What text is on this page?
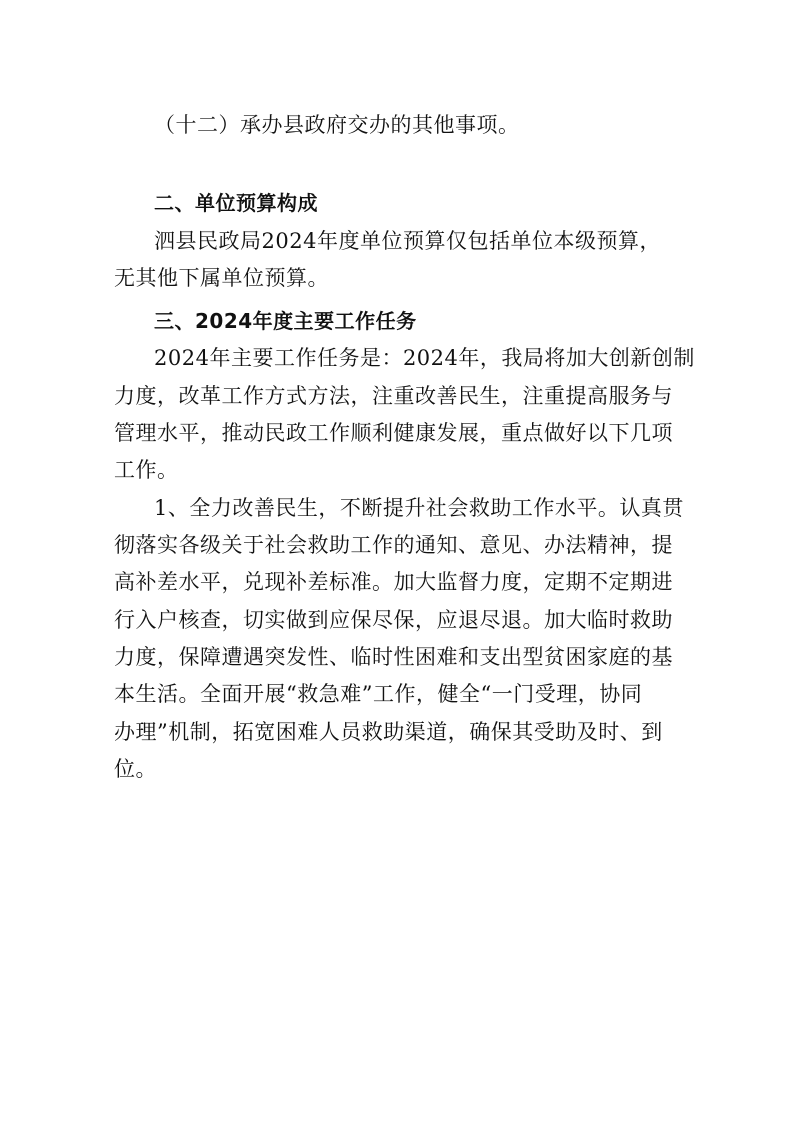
（十二）承办县政府交办的其他事项。
二、单位预算构成
泗县民政局2024年度单位预算仅包括单位本级预算，
无其他下属单位预算。
三、2024年度主要工作任务
2024年主要工作任务是：2024年，我局将加大创新创制
力度，改革工作方式方法，注重改善民生，注重提高服务与
管理水平，推动民政工作顺利健康发展，重点做好以下几项
工作。
1、全力改善民生，不断提升社会救助工作水平。认真贯
彻落实各级关于社会救助工作的通知、意见、办法精神，提
高补差水平，兑现补差标准。加大监督力度，定期不定期进
行入户核查，切实做到应保尽保，应退尽退。加大临时救助
力度，保障遭遇突发性、临时性困难和支出型贫困家庭的基
本生活。全面开展“救急难”工作，健全“一门受理，协同
办理”机制，拓宽困难人员救助渠道，确保其受助及时、到
位。
